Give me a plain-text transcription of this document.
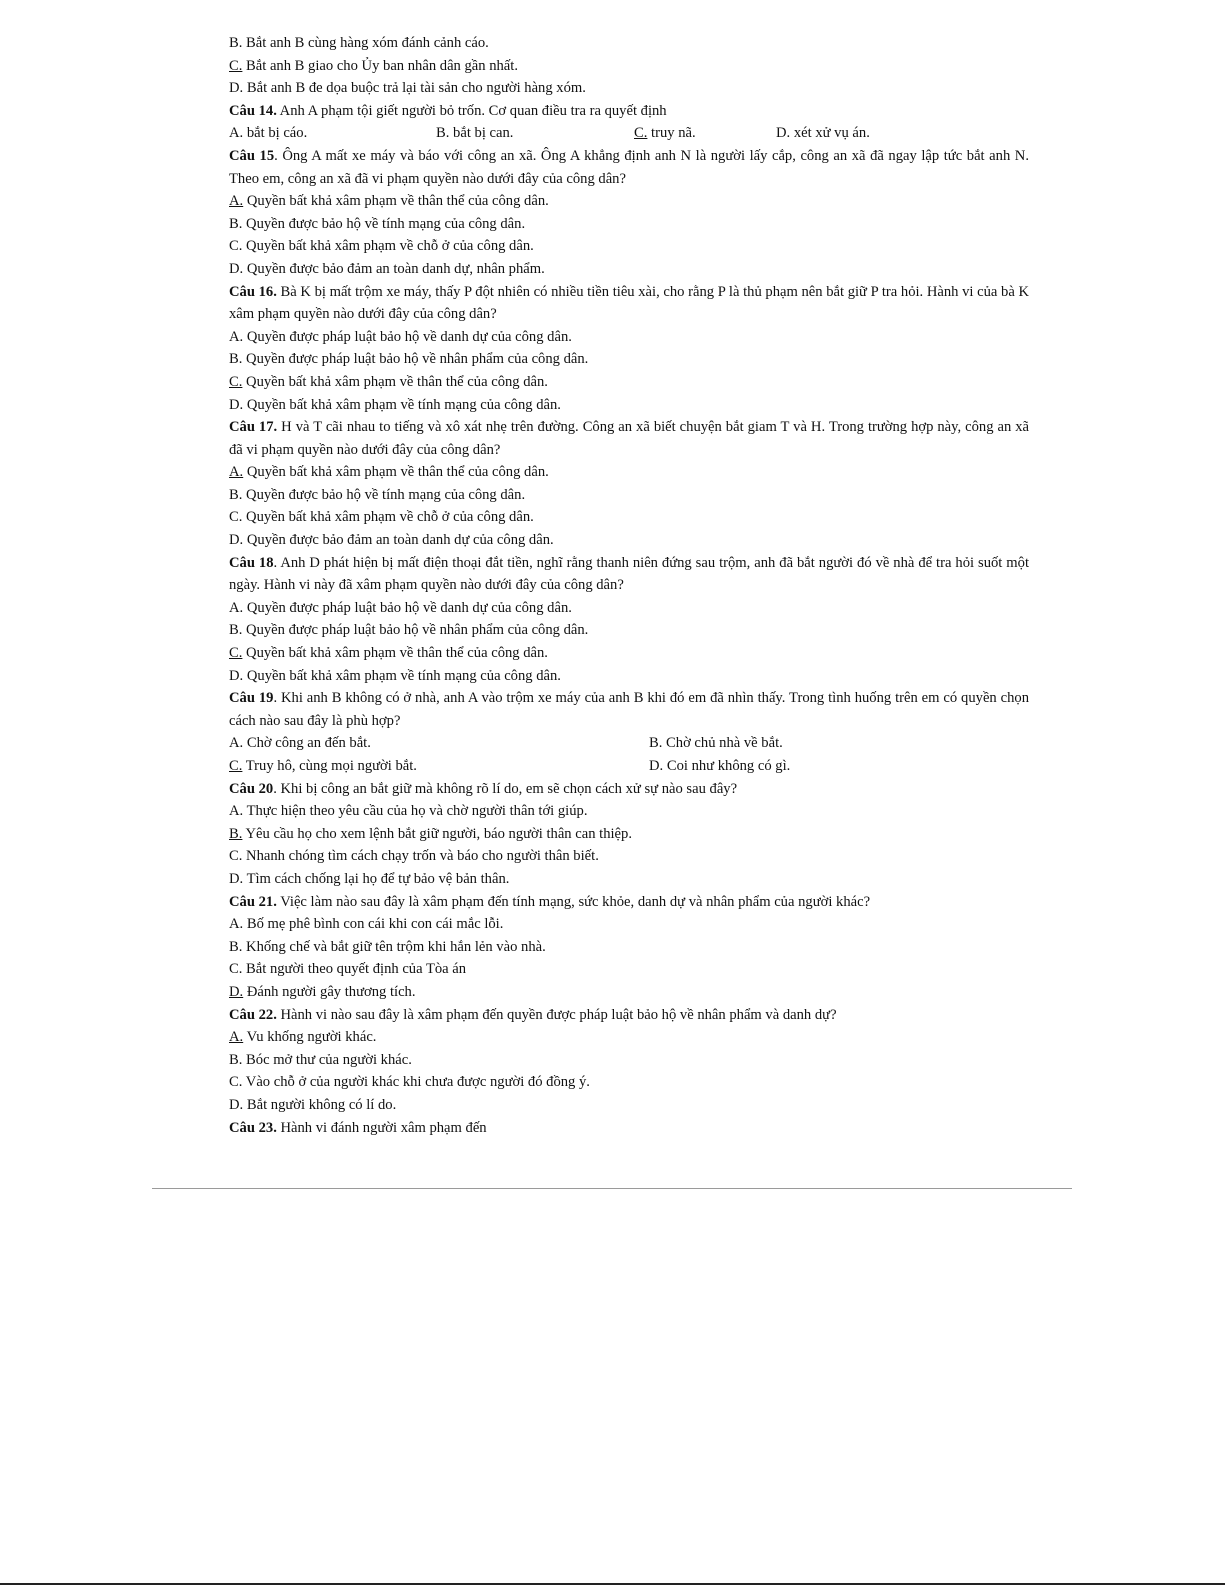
B. Bắt anh B cùng hàng xóm đánh cảnh cáo.
C. Bắt anh B giao cho Ủy ban nhân dân gần nhất.
D. Bắt anh B đe dọa buộc trả lại tài sản cho người hàng xóm.
Câu 14. Anh A phạm tội giết người bỏ trốn. Cơ quan điều tra ra quyết định
A. bắt bị cáo.	B. bắt bị can.	C. truy nã.	D. xét xử vụ án.
Câu 15. Ông A mất xe máy và báo với công an xã. Ông A khẳng định anh N là người lấy cắp, công an xã đã ngay lập tức bắt anh N. Theo em, công an xã đã vi phạm quyền nào dưới đây của công dân?
A. Quyền bất khả xâm phạm về thân thể của công dân.
B. Quyền được bảo hộ về tính mạng của công dân.
C. Quyền bất khả xâm phạm về chỗ ở của công dân.
D. Quyền được bảo đảm an toàn danh dự, nhân phẩm.
Câu 16. Bà K bị mất trộm xe máy, thấy P đột nhiên có nhiều tiền tiêu xài, cho rằng P là thủ phạm nên bắt giữ P tra hỏi. Hành vi của bà K xâm phạm quyền nào dưới đây của công dân?
A. Quyền được pháp luật bảo hộ về danh dự của công dân.
B. Quyền được pháp luật bảo hộ về nhân phẩm của công dân.
C. Quyền bất khả xâm phạm về thân thể của công dân.
D. Quyền bất khả xâm phạm về tính mạng của công dân.
Câu 17. H và T cãi nhau to tiếng và xô xát nhẹ trên đường. Công an xã biết chuyện bắt giam T và H. Trong trường hợp này, công an xã đã vi phạm quyền nào dưới đây của công dân?
A. Quyền bất khả xâm phạm về thân thể của công dân.
B. Quyền được bảo hộ về tính mạng của công dân.
C. Quyền bất khả xâm phạm về chỗ ở của công dân.
D. Quyền được bảo đảm an toàn danh dự của công dân.
Câu 18. Anh D phát hiện bị mất điện thoại đắt tiền, nghĩ rằng thanh niên đứng sau trộm, anh đã bắt người đó về nhà để tra hỏi suốt một ngày. Hành vi này đã xâm phạm quyền nào dưới đây của công dân?
A. Quyền được pháp luật bảo hộ về danh dự của công dân.
B. Quyền được pháp luật bảo hộ về nhân phẩm của công dân.
C. Quyền bất khả xâm phạm về thân thể của công dân.
D. Quyền bất khả xâm phạm về tính mạng của công dân.
Câu 19. Khi anh B không có ở nhà, anh A vào trộm xe máy của anh B khi đó em đã nhìn thấy. Trong tình huống trên em có quyền chọn cách nào sau đây là phù hợp?
A. Chờ công an đến bắt.	B. Chờ chủ nhà về bắt.
C. Truy hô, cùng mọi người bắt.	D. Coi như không có gì.
Câu 20. Khi bị công an bắt giữ mà không rõ lí do, em sẽ chọn cách xử sự nào sau đây?
A. Thực hiện theo yêu cầu của họ và chờ người thân tới giúp.
B. Yêu cầu họ cho xem lệnh bắt giữ người, báo người thân can thiệp.
C. Nhanh chóng tìm cách chạy trốn và báo cho người thân biết.
D. Tìm cách chống lại họ để tự bảo vệ bản thân.
Câu 21. Việc làm nào sau đây là xâm phạm đến tính mạng, sức khỏe, danh dự và nhân phẩm của người khác?
A. Bố mẹ phê bình con cái khi con cái mắc lỗi.
B. Khống chế và bắt giữ tên trộm khi hắn lẻn vào nhà.
C. Bắt người theo quyết định của Tòa án
D. Đánh người gây thương tích.
Câu 22. Hành vi nào sau đây là xâm phạm đến quyền được pháp luật bảo hộ về nhân phẩm và danh dự?
A. Vu khống người khác.
B. Bóc mở thư của người khác.
C. Vào chỗ ở của người khác khi chưa được người đó đồng ý.
D. Bắt người không có lí do.
Câu 23. Hành vi đánh người xâm phạm đến
